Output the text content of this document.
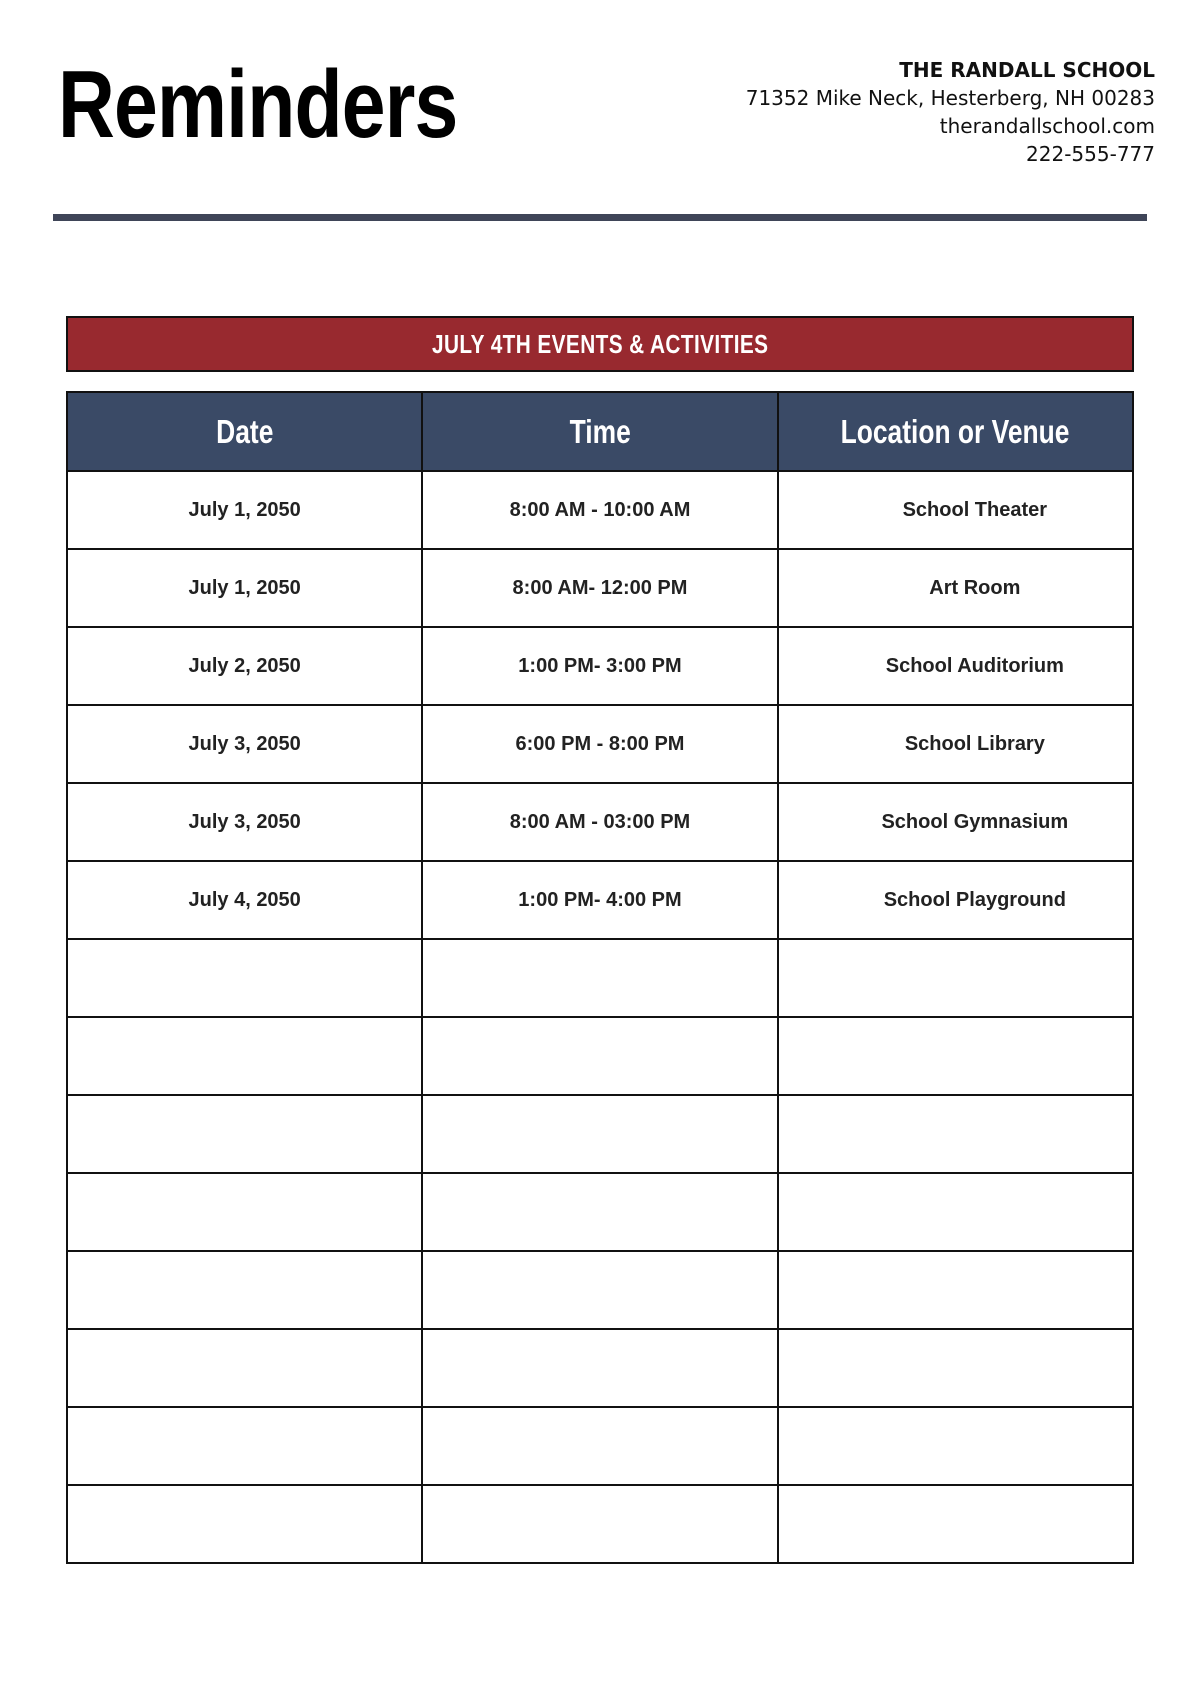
Reminders	THE RANDALL SCHOOL
71352 Mike Neck, Hesterberg, NH 00283
therandallschool.com
222-555-777
JULY 4TH EVENTS & ACTIVITIES
Date	Time	Location or Venue
July 1, 2050	8:00 AM - 10:00 AM	School Theater
July 1, 2050	8:00 AM- 12:00 PM	Art Room
July 2, 2050	1:00 PM- 3:00 PM	School Auditorium
July 3, 2050	6:00 PM - 8:00 PM	School Library
July 3, 2050	8:00 AM - 03:00 PM	School Gymnasium
July 4, 2050	1:00 PM- 4:00 PM	School Playground
